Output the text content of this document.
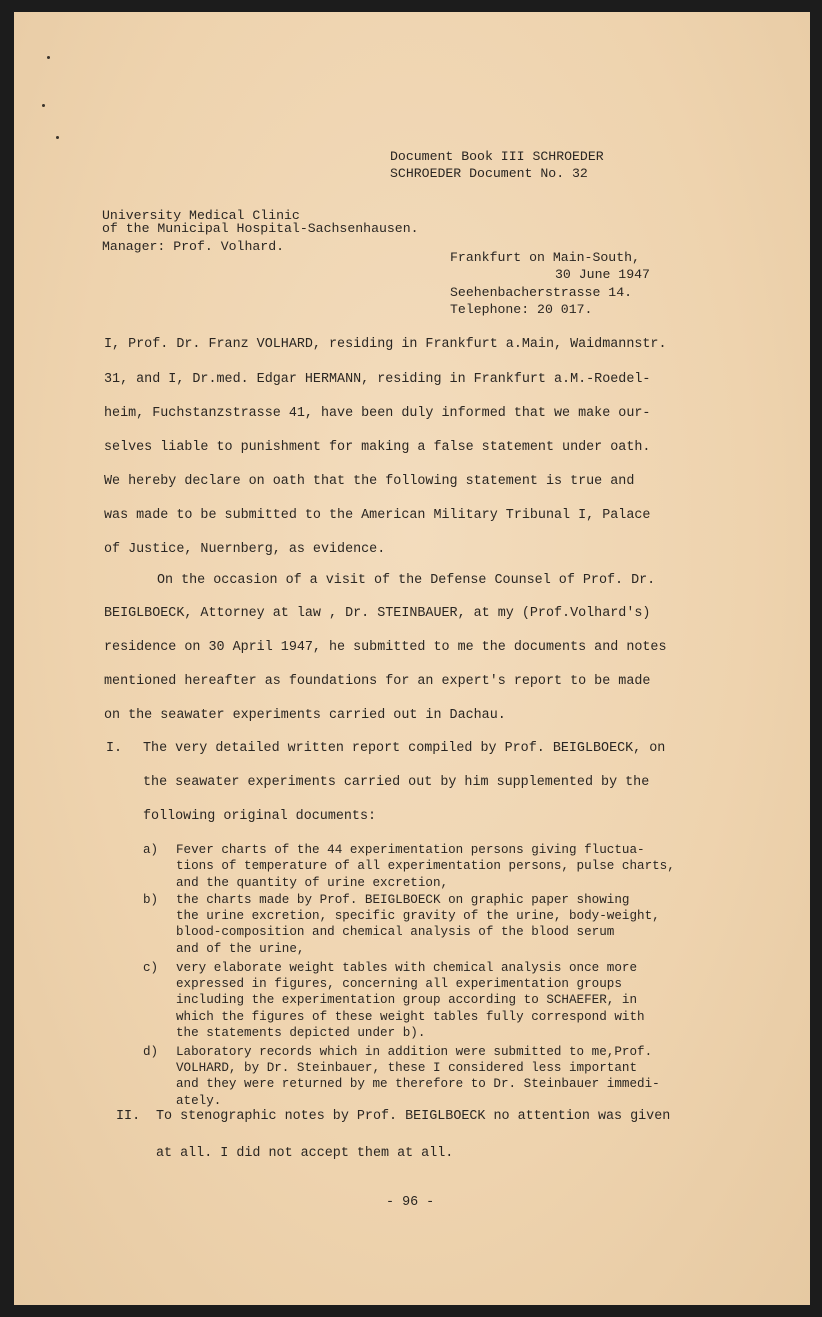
Document Book III SCHROEDER
SCHROEDER Document No. 32
University Medical Clinic
of the Municipal Hospital-Sachsenhausen.
Manager: Prof. Volhard.
Frankfurt on Main-South,
30 June 1947
Seehenbacherstrasse 14.
Telephone: 20 017.
I, Prof. Dr. Franz VOLHARD, residing in Frankfurt a.Main, Waidmannstr.
31, and I, Dr.med. Edgar HERMANN, residing in Frankfurt a.M.-Roedel-
heim, Fuchstanzstrasse 41, have been duly informed that we make our-
selves liable to punishment for making a false statement under oath.
We hereby declare on oath that the following statement is true and
was made to be submitted to the American Military Tribunal I, Palace
of Justice, Nuernberg, as evidence.
On the occasion of a visit of the Defense Counsel of Prof. Dr.
BEIGLBOECK, Attorney at law , Dr. STEINBAUER, at my (Prof.Volhard's)
residence on 30 April 1947, he submitted to me the documents and notes
mentioned hereafter as foundations for an expert's report to be made
on the seawater experiments carried out in Dachau.
I. The very detailed written report compiled by Prof. BEIGLBOECK, on
the seawater experiments carried out by him supplemented by the
following original documents:
a) Fever charts of the 44 experimentation persons giving fluctua-
tions of temperature of all experimentation persons, pulse charts,
and the quantity of urine excretion,
b) the charts made by Prof. BEIGLBOECK on graphic paper showing
the urine excretion, specific gravity of the urine, body-weight,
blood-composition and chemical analysis of the blood serum
and of the urine,
c) very elaborate weight tables with chemical analysis once more
expressed in figures, concerning all experimentation groups
including the experimentation group according to SCHAEFER, in
which the figures of these weight tables fully correspond with
the statements depicted under b).
d) Laboratory records which in addition were submitted to me,Prof.
VOLHARD, by Dr. Steinbauer, these I considered less important
and they were returned by me therefore to Dr. Steinbauer immedi-
ately.
II. To stenographic notes by Prof. BEIGLBOECK no attention was given
at all. I did not accept them at all.
- 96 -
